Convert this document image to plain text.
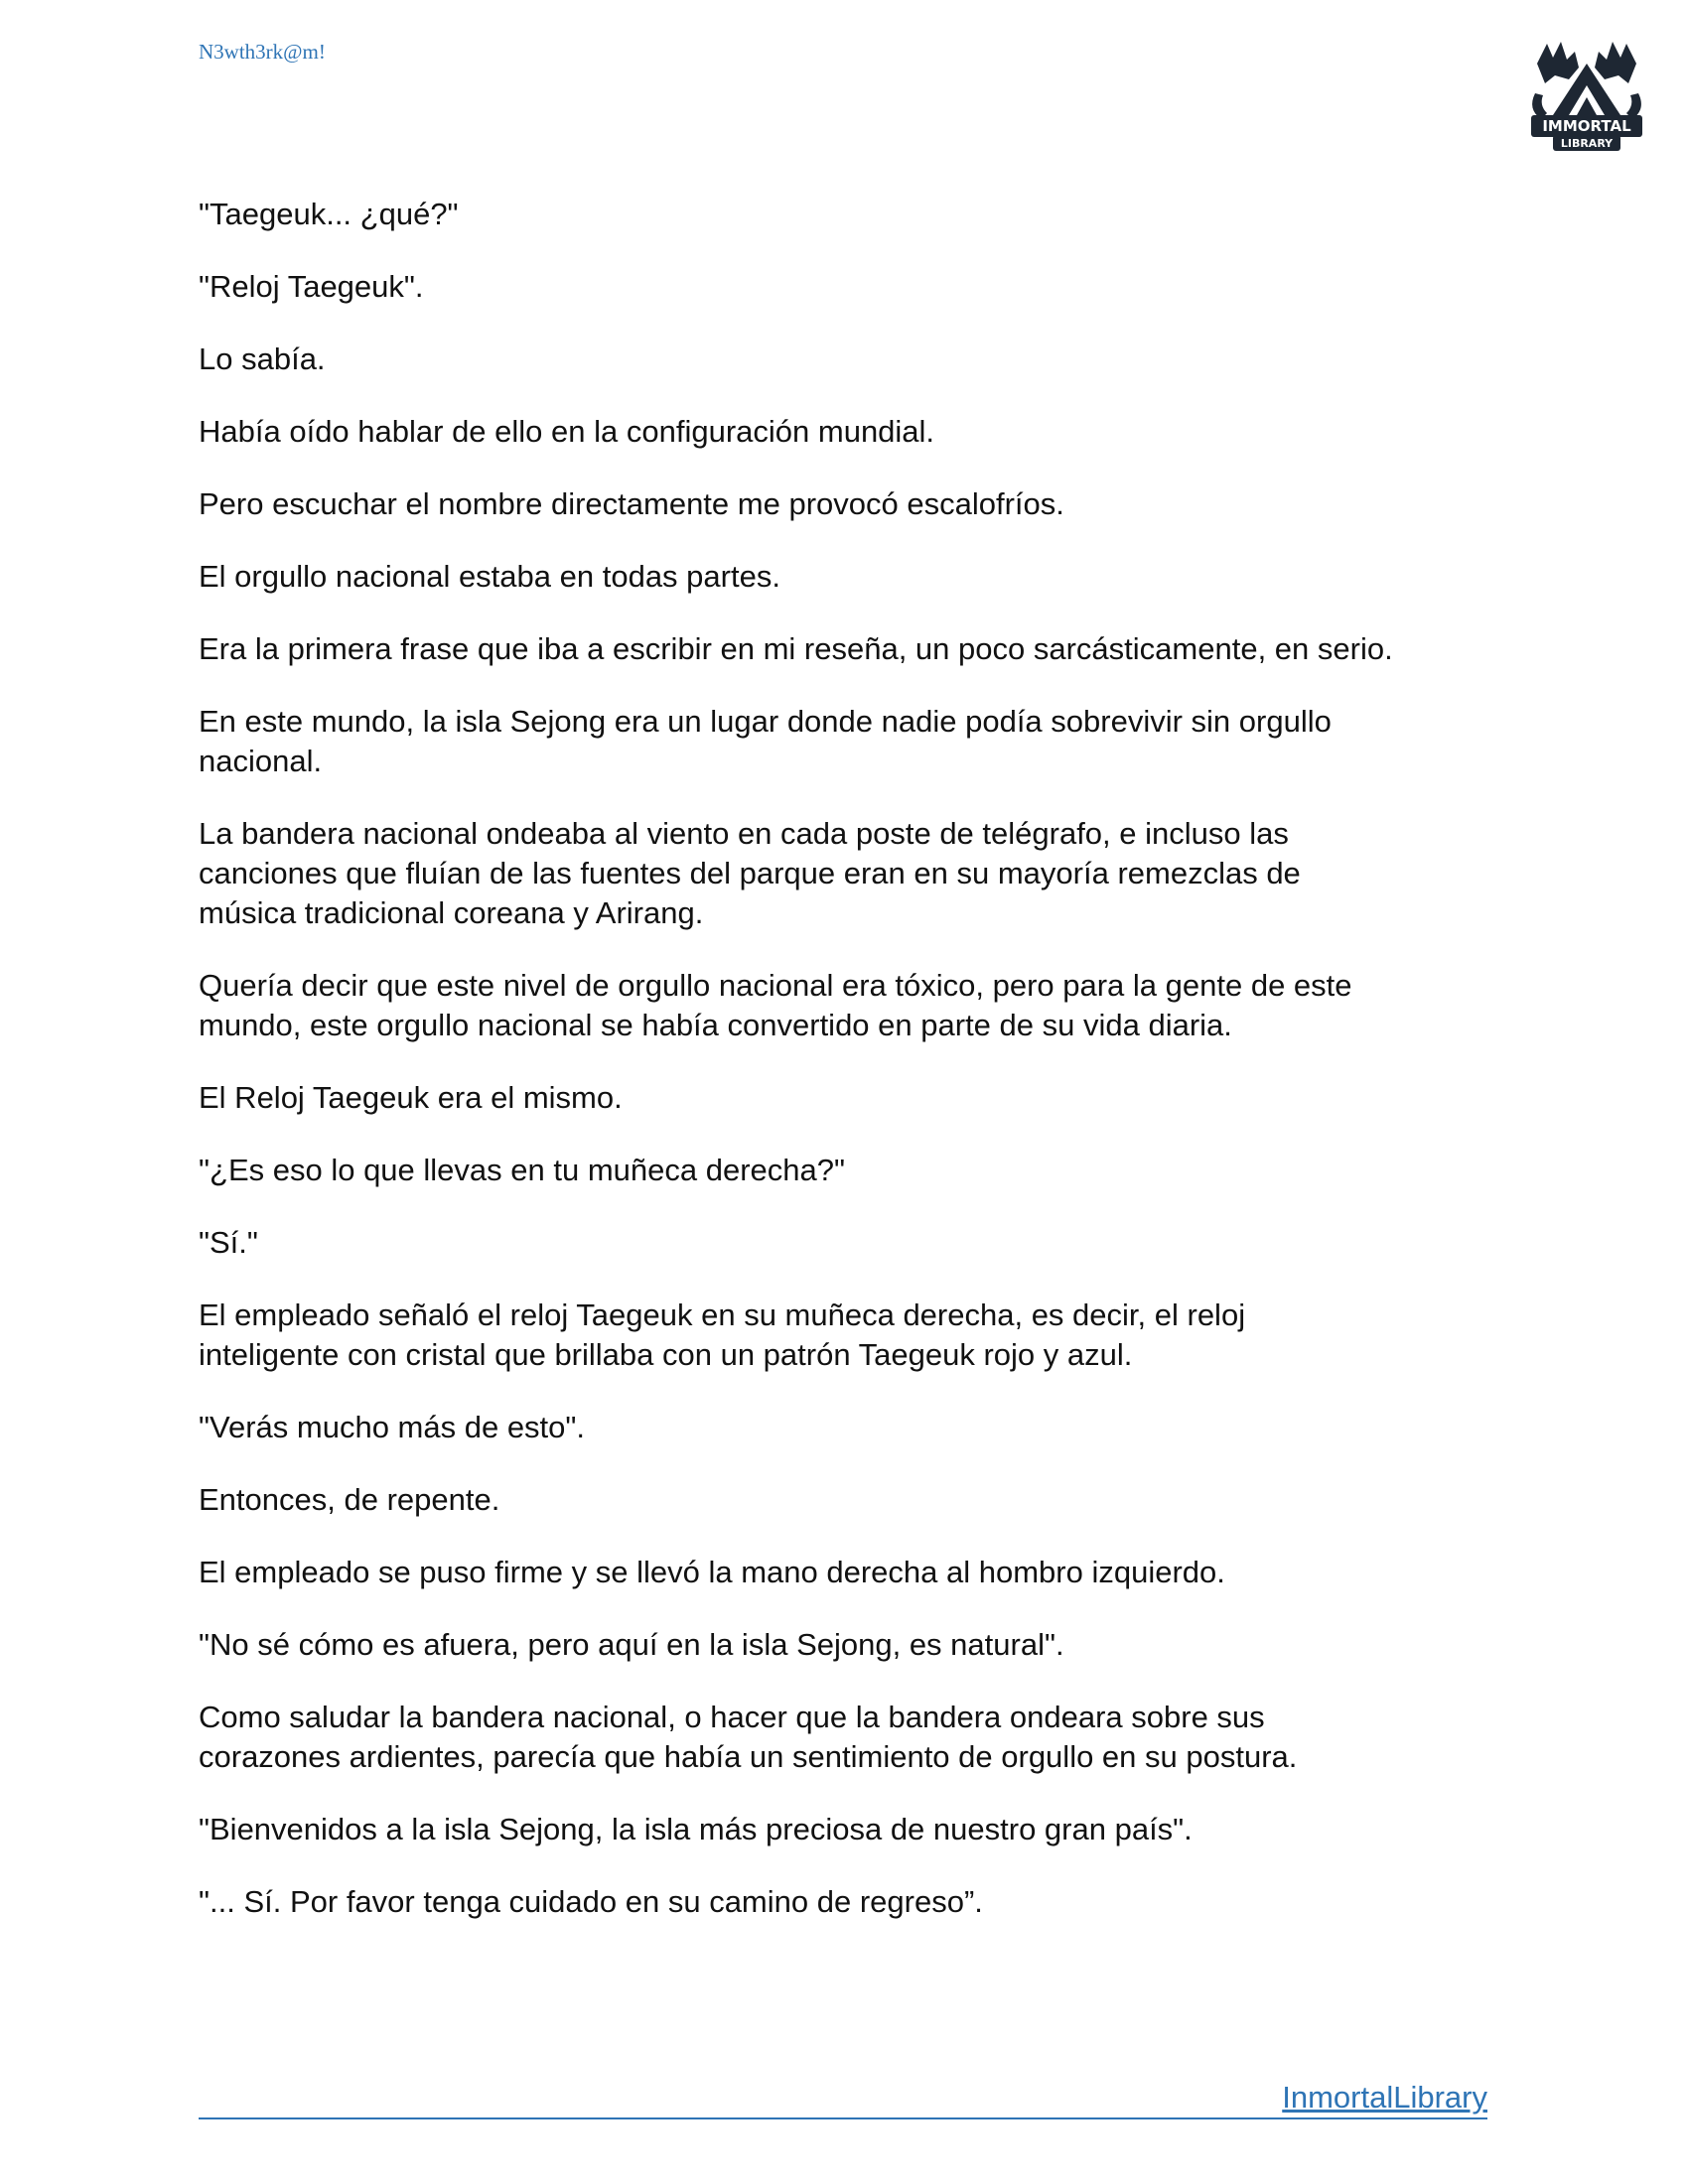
N3wth3rk@m!
IMMORTAL
LIBRARY

"Taegeuk... ¿qué?"

"Reloj Taegeuk".

Lo sabía.

Había oído hablar de ello en la configuración mundial.

Pero escuchar el nombre directamente me provocó escalofríos.

El orgullo nacional estaba en todas partes.

Era la primera frase que iba a escribir en mi reseña, un poco sarcásticamente, en serio.

En este mundo, la isla Sejong era un lugar donde nadie podía sobrevivir sin orgullo
nacional.

La bandera nacional ondeaba al viento en cada poste de telégrafo, e incluso las
canciones que fluían de las fuentes del parque eran en su mayoría remezclas de
música tradicional coreana y Arirang.

Quería decir que este nivel de orgullo nacional era tóxico, pero para la gente de este
mundo, este orgullo nacional se había convertido en parte de su vida diaria.

El Reloj Taegeuk era el mismo.

"¿Es eso lo que llevas en tu muñeca derecha?"

"Sí."

El empleado señaló el reloj Taegeuk en su muñeca derecha, es decir, el reloj
inteligente con cristal que brillaba con un patrón Taegeuk rojo y azul.

"Verás mucho más de esto".

Entonces, de repente.

El empleado se puso firme y se llevó la mano derecha al hombro izquierdo.

"No sé cómo es afuera, pero aquí en la isla Sejong, es natural".

Como saludar la bandera nacional, o hacer que la bandera ondeara sobre sus
corazones ardientes, parecía que había un sentimiento de orgullo en su postura.

"Bienvenidos a la isla Sejong, la isla más preciosa de nuestro gran país".

"... Sí. Por favor tenga cuidado en su camino de regreso”.

InmortalLibrary
